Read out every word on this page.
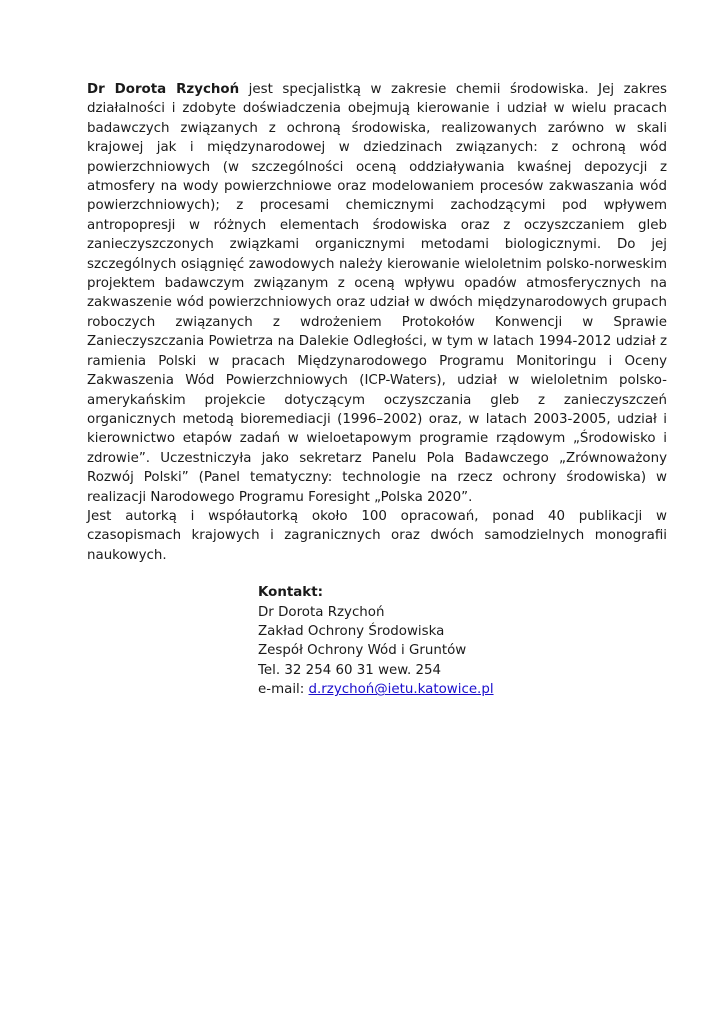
Dr Dorota Rzychoń jest specjalistką w zakresie chemii środowiska. Jej zakres działalności i zdobyte doświadczenia obejmują kierowanie i udział w wielu pracach badawczych związanych z ochroną środowiska, realizowanych zarówno w skali krajowej jak i międzynarodowej w dziedzinach związanych: z ochroną wód powierzchniowych (w szczególności oceną oddziaływania kwaśnej depozycji z atmosfery na wody powierzchniowe oraz modelowaniem procesów zakwaszania wód powierzchniowych); z procesami chemicznymi zachodzącymi pod wpływem antropopresji w różnych elementach środowiska oraz z oczyszczaniem gleb zanieczyszczonych związkami organicznymi metodami biologicznymi. Do jej szczególnych osiągnięć zawodowych należy kierowanie wieloletnim polsko-norweskim projektem badawczym związanym z oceną wpływu opadów atmosferycznych na zakwaszenie wód powierzchniowych oraz udział w dwóch międzynarodowych grupach roboczych związanych z wdrożeniem Protokołów Konwencji w Sprawie Zanieczyszczania Powietrza na Dalekie Odległości, w tym w latach 1994-2012 udział z ramienia Polski w pracach Międzynarodowego Programu Monitoringu i Oceny Zakwaszenia Wód Powierzchniowych (ICP-Waters), udział w wieloletnim polsko-amerykańskim projekcie dotyczącym oczyszczania gleb z zanieczyszczeń organicznych metodą bioremediacji (1996–2002) oraz, w latach 2003-2005, udział i kierownictwo etapów zadań w wieloetapowym programie rządowym „Środowisko i zdrowie”. Uczestniczyła jako sekretarz Panelu Pola Badawczego „Zrównoważony Rozwój Polski” (Panel tematyczny: technologie na rzecz ochrony środowiska) w realizacji Narodowego Programu Foresight „Polska 2020”.

Jest autorką i współautorką około 100 opracowań, ponad 40 publikacji w czasopismach krajowych i zagranicznych oraz dwóch samodzielnych monografii naukowych.

Kontakt:
Dr Dorota Rzychoń
Zakład Ochrony Środowiska
Zespół Ochrony Wód i Gruntów
Tel. 32 254 60 31 wew. 254
e-mail: d.rzychoń@ietu.katowice.pl
